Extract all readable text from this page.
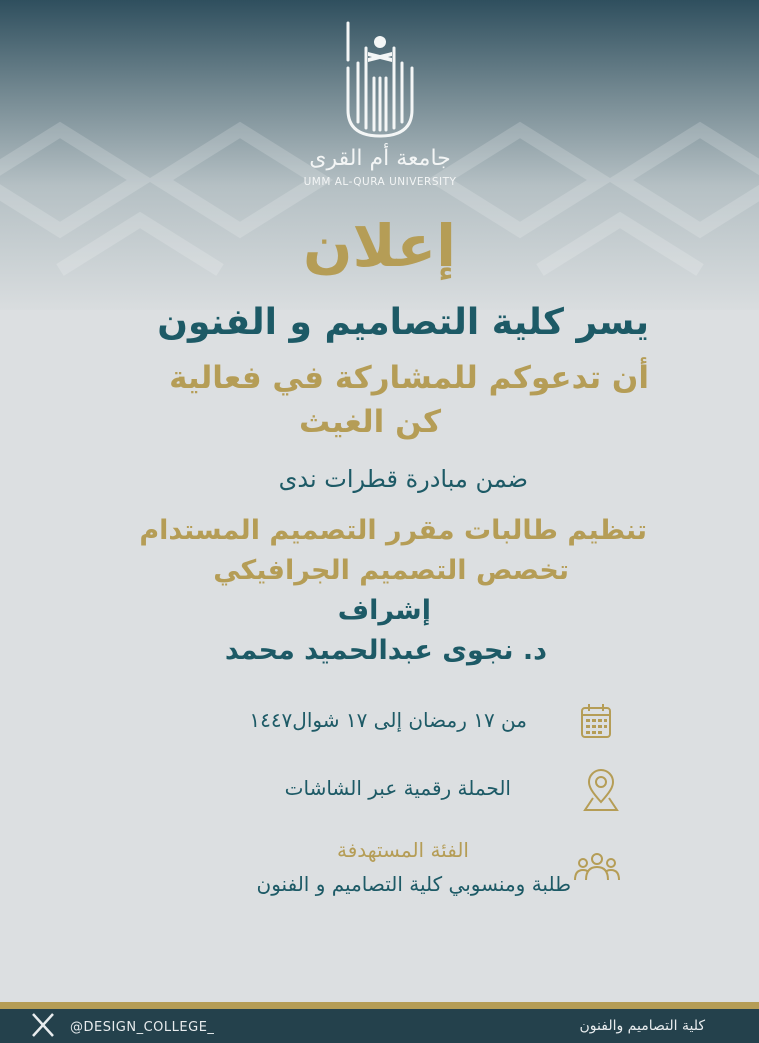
جامعة أم القرى
UMM AL-QURA UNIVERSITY
إعلان
يسر كلية التصاميم و الفنون
أن تدعوكم للمشاركة في فعالية
كن الغيث
ضمن مبادرة قطرات ندى
تنظيم طالبات مقرر التصميم المستدام
تخصص التصميم الجرافيكي
إشراف
د. نجوى عبدالحميد محمد
من ١٧ رمضان إلى ١٧ شوال١٤٤٧
الحملة رقمية عبر الشاشات
الفئة المستهدفة
طلبة ومنسوبي كلية التصاميم و الفنون
@DESIGN_COLLEGE_	كلية التصاميم والفنون
